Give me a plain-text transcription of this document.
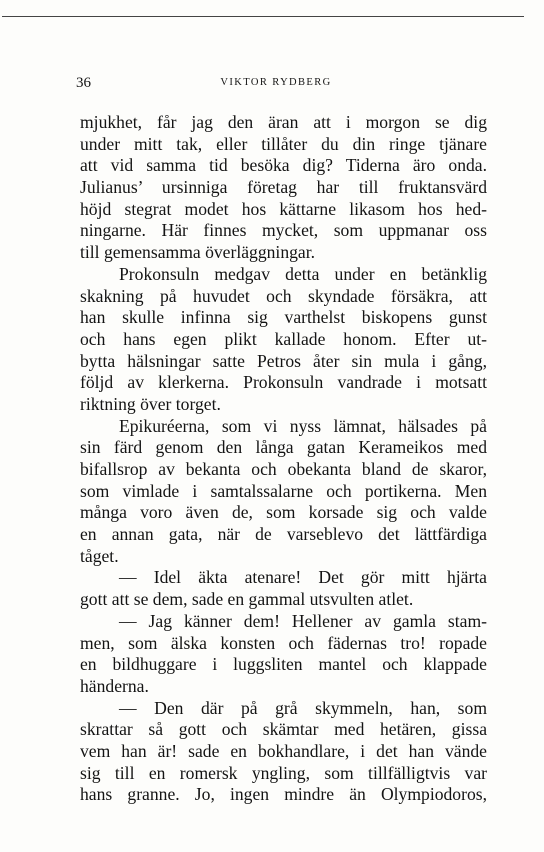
36	VIKTOR RYDBERG
mjukhet, får jag den äran att i morgon se dig
under mitt tak, eller tillåter du din ringe tjänare
att vid samma tid besöka dig? Tiderna äro onda.
Julianus’ ursinniga företag har till fruktansvärd
höjd stegrat modet hos kättarne likasom hos hed-
ningarne. Här finnes mycket, som uppmanar oss
till gemensamma överläggningar.
Prokonsuln medgav detta under en betänklig
skakning på huvudet och skyndade försäkra, att
han skulle infinna sig varthelst biskopens gunst
och hans egen plikt kallade honom. Efter ut-
bytta hälsningar satte Petros åter sin mula i gång,
följd av klerkerna. Prokonsuln vandrade i motsatt
riktning över torget.
Epikuréerna, som vi nyss lämnat, hälsades på
sin färd genom den långa gatan Kerameikos med
bifallsrop av bekanta och obekanta bland de skaror,
som vimlade i samtalssalarne och portikerna. Men
många voro även de, som korsade sig och valde
en annan gata, när de varseblevo det lättfärdiga
tåget.
— Idel äkta atenare! Det gör mitt hjärta
gott att se dem, sade en gammal utsvulten atlet.
— Jag känner dem! Hellener av gamla stam-
men, som älska konsten och fädernas tro! ropade
en bildhuggare i luggsliten mantel och klappade
händerna.
— Den där på grå skymmeln, han, som
skrattar så gott och skämtar med hetären, gissa
vem han är! sade en bokhandlare, i det han vände
sig till en romersk yngling, som tillfälligtvis var
hans granne. Jo, ingen mindre än Olympiodoros,
